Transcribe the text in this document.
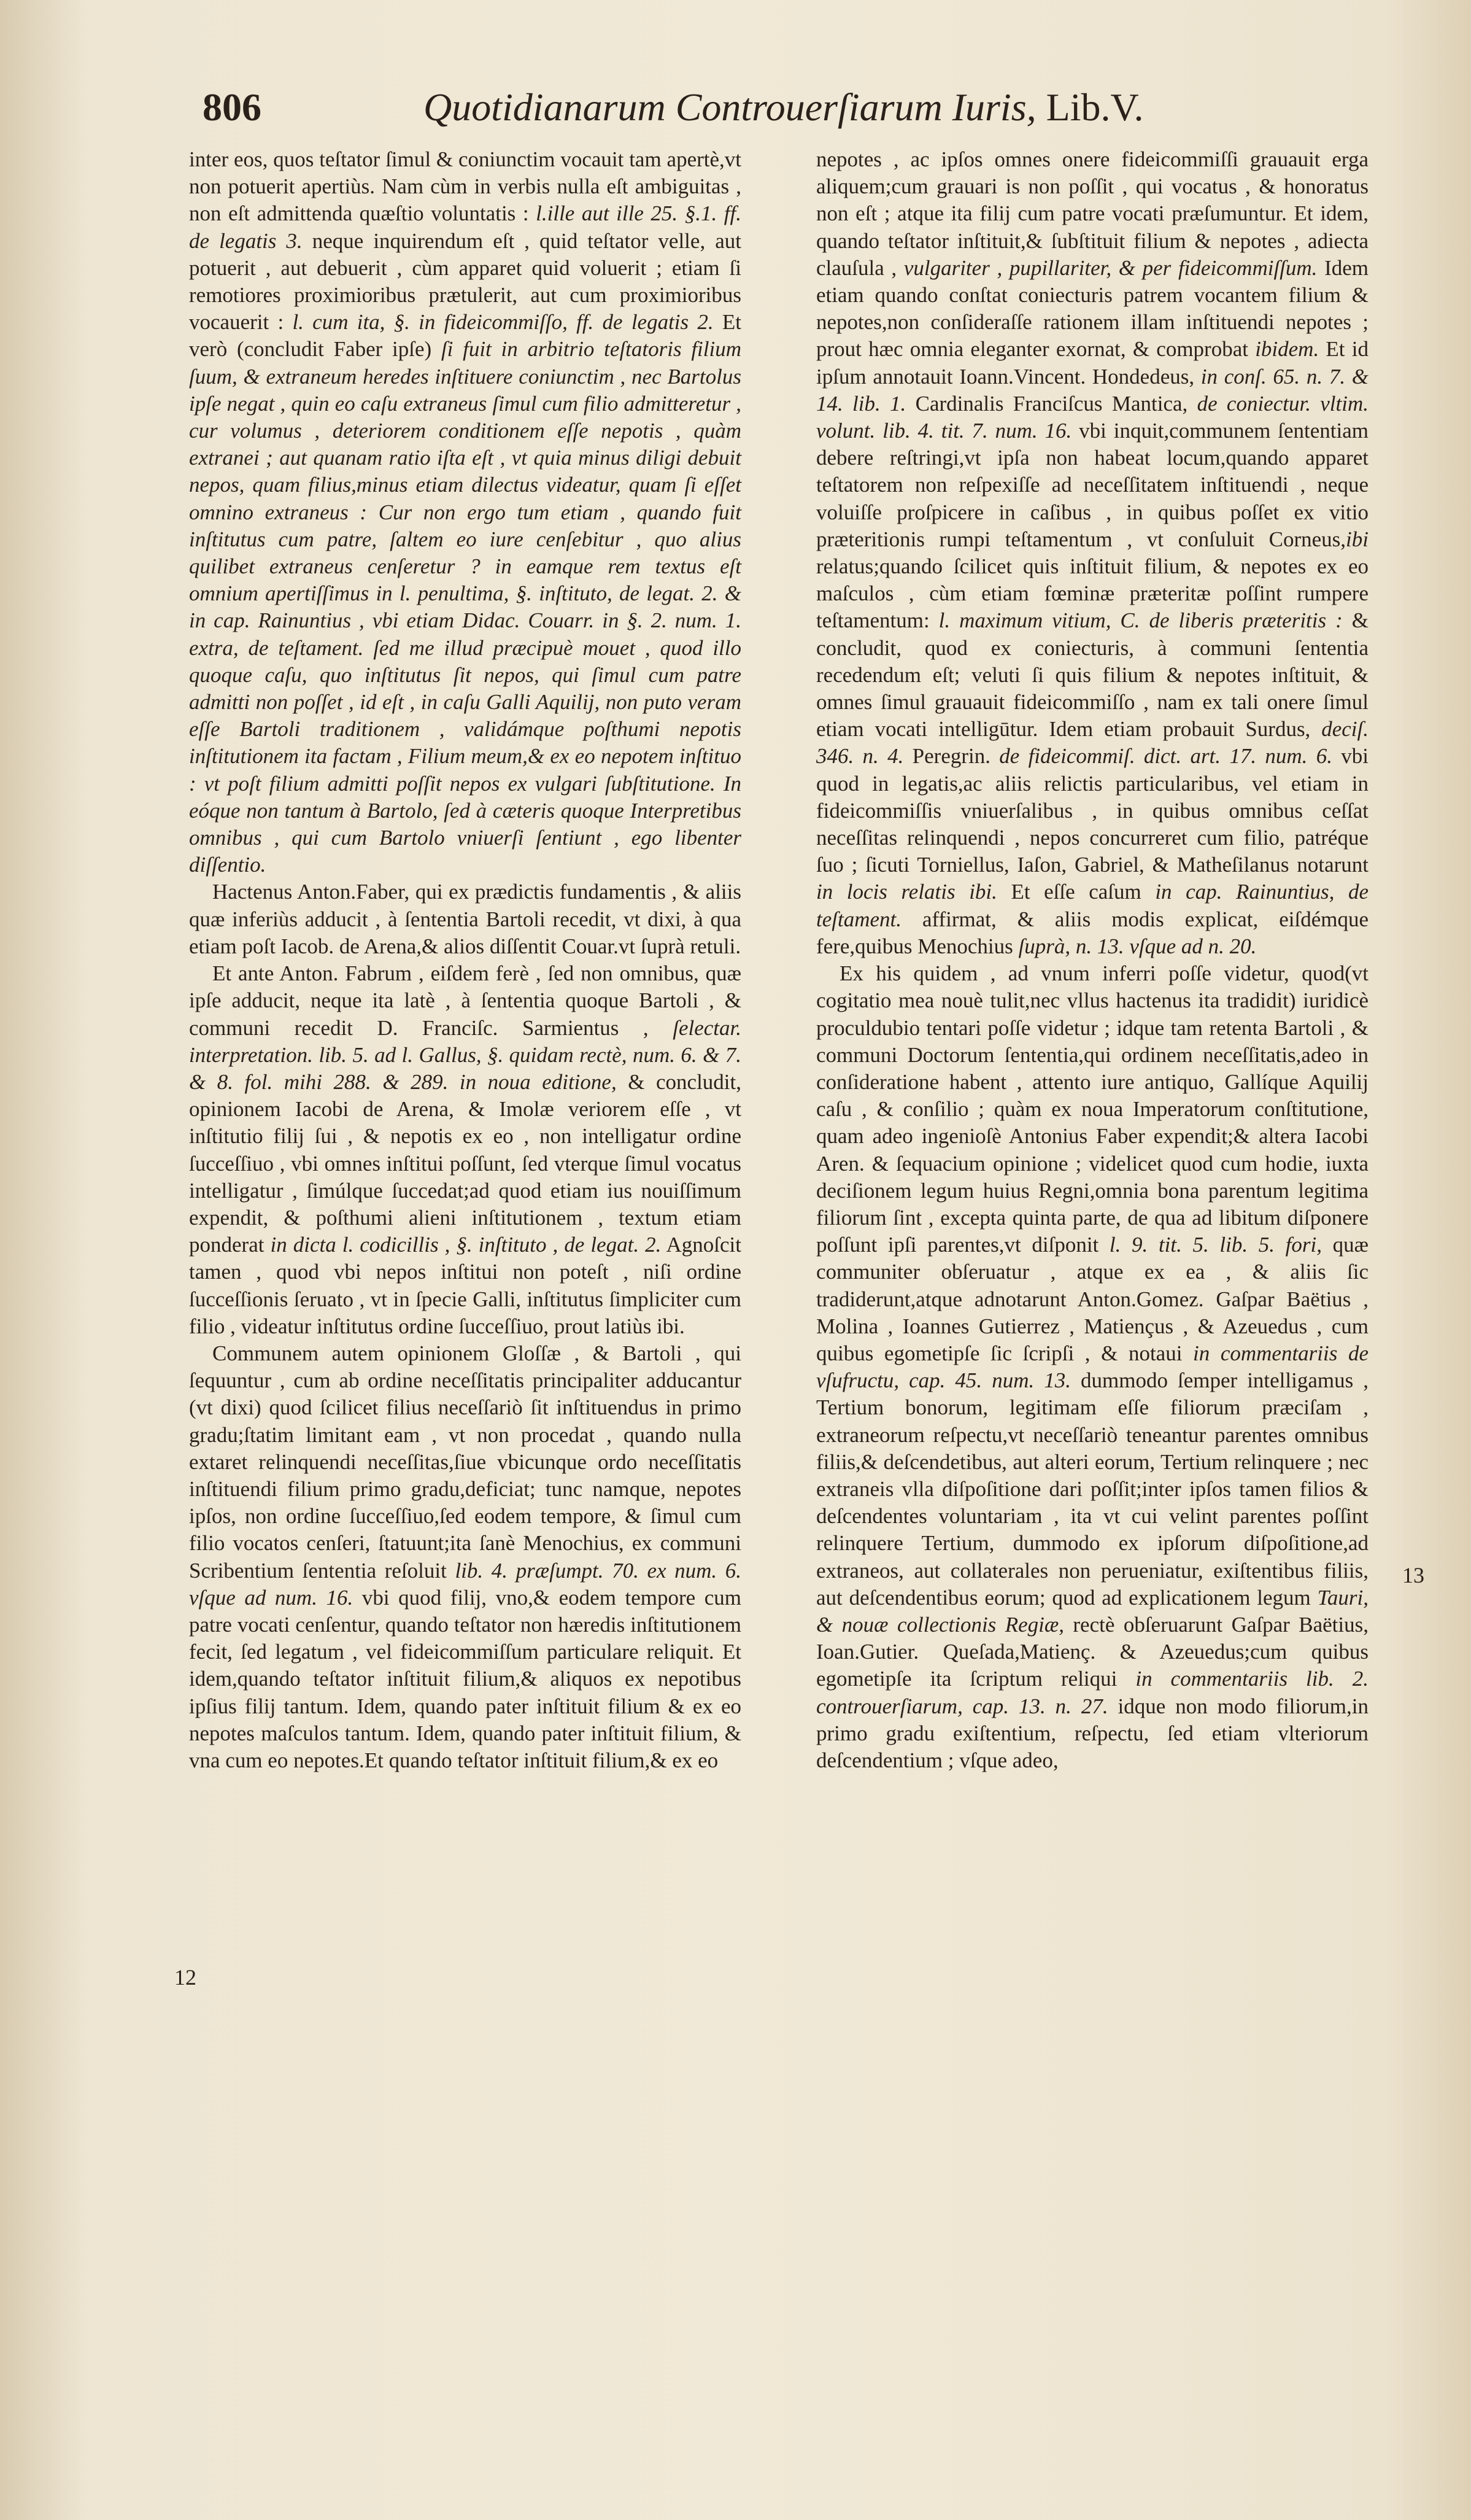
806	Quotidianarum Controuerſiarum Iuris, Lib.V.

inter eos, quos teſtator ſimul & coniunctim vocauit tam apertè,vt non potuerit apertiùs. Nam cùm in verbis nulla eſt ambiguitas , non eſt admittenda quæſtio voluntatis : l.ille aut ille 25. §.1. ff. de legatis 3. neque inquirendum eſt , quid teſtator velle, aut potuerit , aut debuerit , cùm apparet quid voluerit ; etiam ſi remotiores proximioribus prætulerit, aut cum proximioribus vocauerit : l. cum ita, §. in fideicommiſſo, ff. de legatis 2. Et verò (concludit Faber ipſe) ſi fuit in arbitrio teſtatoris filium ſuum, & extraneum heredes inſtituere coniunctim , nec Bartolus ipſe negat , quin eo caſu extraneus ſimul cum filio admitteretur , cur volumus , deteriorem conditionem eſſe nepotis , quàm extranei ; aut quanam ratio iſta eſt , vt quia minus diligi debuit nepos, quam filius,minus etiam dilectus videatur, quam ſi eſſet omnino extraneus : Cur non ergo tum etiam , quando fuit inſtitutus cum patre, ſaltem eo iure cenſebitur , quo alius quilibet extraneus cenſeretur ? in eamque rem textus eſt omnium apertiſſimus in l. penultima, §. inſtituto, de legat. 2. & in cap. Rainuntius , vbi etiam Didac. Couarr. in §. 2. num. 1. extra, de teſtament. ſed me illud præcipuè mouet , quod illo quoque caſu, quo inſtitutus ſit nepos, qui ſimul cum patre admitti non poſſet , id eſt , in caſu Galli Aquilij, non puto veram eſſe Bartoli traditionem , validámque poſthumi nepotis inſtitutionem ita factam , Filium meum,& ex eo nepotem inſtituo : vt poſt filium admitti poſſit nepos ex vulgari ſubſtitutione. In eóque non tantum à Bartolo, ſed à cæteris quoque Interpretibus omnibus , qui cum Bartolo vniuerſi ſentiunt , ego libenter diſſentio.

Hactenus Anton.Faber, qui ex prædictis fundamentis , & aliis quæ inferiùs adducit , à ſententia Bartoli recedit, vt dixi, à qua etiam poſt Iacob. de Arena,& alios diſſentit Couar.vt ſuprà retuli.

Et ante Anton. Fabrum , eiſdem ferè , ſed non omnibus, quæ ipſe adducit, neque ita latè , à ſententia quoque Bartoli , & communi recedit D. Franciſc. Sarmientus , ſelectar. interpretation. lib. 5. ad l. Gallus, §. quidam rectè, num. 6. & 7. & 8. fol. mihi 288. & 289. in noua editione, & concludit, opinionem Iacobi de Arena, & Imolæ veriorem eſſe , vt inſtitutio filij ſui , & nepotis ex eo , non intelligatur ordine ſucceſſiuo , vbi omnes inſtitui poſſunt, ſed vterque ſimul vocatus intelligatur , ſimúlque ſuccedat;ad quod etiam ius nouiſſimum expendit, & poſthumi alieni inſtitutionem , textum etiam ponderat in dicta l. codicillis , §. inſtituto , de legat. 2. Agnoſcit tamen , quod vbi nepos inſtitui non poteſt , niſi ordine ſucceſſionis ſeruato , vt in ſpecie Galli, inſtitutus ſimpliciter cum filio , videatur inſtitutus ordine ſucceſſiuo, prout latiùs ibi.

Communem autem opinionem Gloſſæ , & Bartoli , qui ſequuntur , cum ab ordine neceſſitatis principaliter adducantur (vt dixi) quod ſcilicet filius neceſſariò ſit inſtituendus in primo gradu;ſtatim limitant eam , vt non procedat , quando nulla extaret relinquendi neceſſitas,ſiue vbicunque ordo neceſſitatis inſtituendi filium primo gradu,deficiat; tunc namque, nepotes ipſos, non ordine ſucceſſiuo,ſed eodem tempore, & ſimul cum filio vocatos cenſeri, ſtatuunt;ita ſanè Menochius, ex communi Scribentium ſententia reſoluit lib. 4. præſumpt. 70. ex num. 6. vſque ad num. 16. vbi quod filij, vno,& eodem tempore cum patre vocati cenſentur, quando teſtator non hæredis inſtitutionem fecit, ſed legatum , vel fideicommiſſum particulare reliquit. Et idem,quando teſtator inſtituit filium,& aliquos ex nepotibus ipſius filij tantum. Idem, quando pater inſtituit filium & ex eo nepotes maſculos tantum. Idem, quando pater inſtituit filium, & vna cum eo nepotes.Et quando teſtator inſtituit filium,& ex eo

12

nepotes , ac ipſos omnes onere fideicommiſſi grauauit erga aliquem;cum grauari is non poſſit , qui vocatus , & honoratus non eſt ; atque ita filij cum patre vocati præſumuntur. Et idem, quando teſtator inſtituit,& ſubſtituit filium & nepotes , adiecta clauſula , vulgariter , pupillariter, & per fideicommiſſum. Idem etiam quando conſtat coniecturis patrem vocantem filium & nepotes,non conſideraſſe rationem illam inſtituendi nepotes ; prout hæc omnia eleganter exornat, & comprobat ibidem. Et id ipſum annotauit Ioann.Vincent. Hondedeus, in conſ. 65. n. 7. & 14. lib. 1. Cardinalis Franciſcus Mantica, de coniectur. vltim. volunt. lib. 4. tit. 7. num. 16. vbi inquit,communem ſententiam debere reſtringi,vt ipſa non habeat locum,quando apparet teſtatorem non reſpexiſſe ad neceſſitatem inſtituendi , neque voluiſſe proſpicere in caſibus , in quibus poſſet ex vitio præteritionis rumpi teſtamentum , vt conſuluit Corneus,ibi relatus;quando ſcilicet quis inſtituit filium, & nepotes ex eo maſculos , cùm etiam fœminæ præteritæ poſſint rumpere teſtamentum: l. maximum vitium, C. de liberis præteritis : & concludit, quod ex coniecturis, à communi ſententia recedendum eſt; veluti ſi quis filium & nepotes inſtituit, & omnes ſimul grauauit fideicommiſſo , nam ex tali onere ſimul etiam vocati intelligūtur. Idem etiam probauit Surdus, deciſ. 346. n. 4. Peregrin. de fideicommiſ. dict. art. 17. num. 6. vbi quod in legatis,ac aliis relictis particularibus, vel etiam in fideicommiſſis vniuerſalibus , in quibus omnibus ceſſat neceſſitas relinquendi , nepos concurreret cum filio, patréque ſuo ; ſicuti Torniellus, Iaſon, Gabriel, & Matheſilanus notarunt in locis relatis ibi. Et eſſe caſum in cap. Rainuntius, de teſtament. affirmat, & aliis modis explicat, eiſdémque fere,quibus Menochius ſuprà, n. 13. vſque ad n. 20.

Ex his quidem , ad vnum inferri poſſe videtur, quod(vt cogitatio mea nouè tulit,nec vllus hactenus ita tradidit) iuridicè proculdubio tentari poſſe videtur ; idque tam retenta Bartoli , & communi Doctorum ſententia,qui ordinem neceſſitatis,adeo in conſideratione habent , attento iure antiquo, Gallíque Aquilij caſu , & conſilio ; quàm ex noua Imperatorum conſtitutione, quam adeo ingenioſè Antonius Faber expendit;& altera Iacobi Aren. & ſequacium opinione ; videlicet quod cum hodie, iuxta deciſionem legum huius Regni,omnia bona parentum legitima filiorum ſint , excepta quinta parte, de qua ad libitum diſponere poſſunt ipſi parentes,vt diſponit l. 9. tit. 5. lib. 5. fori, quæ communiter obſeruatur , atque ex ea , & aliis ſic tradiderunt,atque adnotarunt Anton.Gomez. Gaſpar Baëtius , Molina , Ioannes Gutierrez , Matiençus , & Azeuedus , cum quibus egometipſe ſic ſcripſi , & notaui in commentariis de vſufructu, cap. 45. num. 13. dummodo ſemper intelligamus , Tertium bonorum, legitimam eſſe filiorum præciſam , extraneorum reſpectu,vt neceſſariò teneantur parentes omnibus filiis,& deſcendetibus, aut alteri eorum, Tertium relinquere ; nec extraneis vlla diſpoſitione dari poſſit;inter ipſos tamen filios & deſcendentes voluntariam , ita vt cui velint parentes poſſint relinquere Tertium, dummodo ex ipſorum diſpoſitione,ad extraneos, aut collaterales non perueniatur, exiſtentibus filiis, aut deſcendentibus eorum; quod ad explicationem legum Tauri, & nouæ collectionis Regiæ, rectè obſeruarunt Gaſpar Baëtius, Ioan.Gutier. Queſada,Matienç. & Azeuedus;cum quibus egometipſe ita ſcriptum reliqui in commentariis lib. 2. controuerſiarum, cap. 13. n. 27. idque non modo filiorum,in primo gradu exiſtentium, reſpectu, ſed etiam vlteriorum deſcendentium ; vſque adeo,

13
